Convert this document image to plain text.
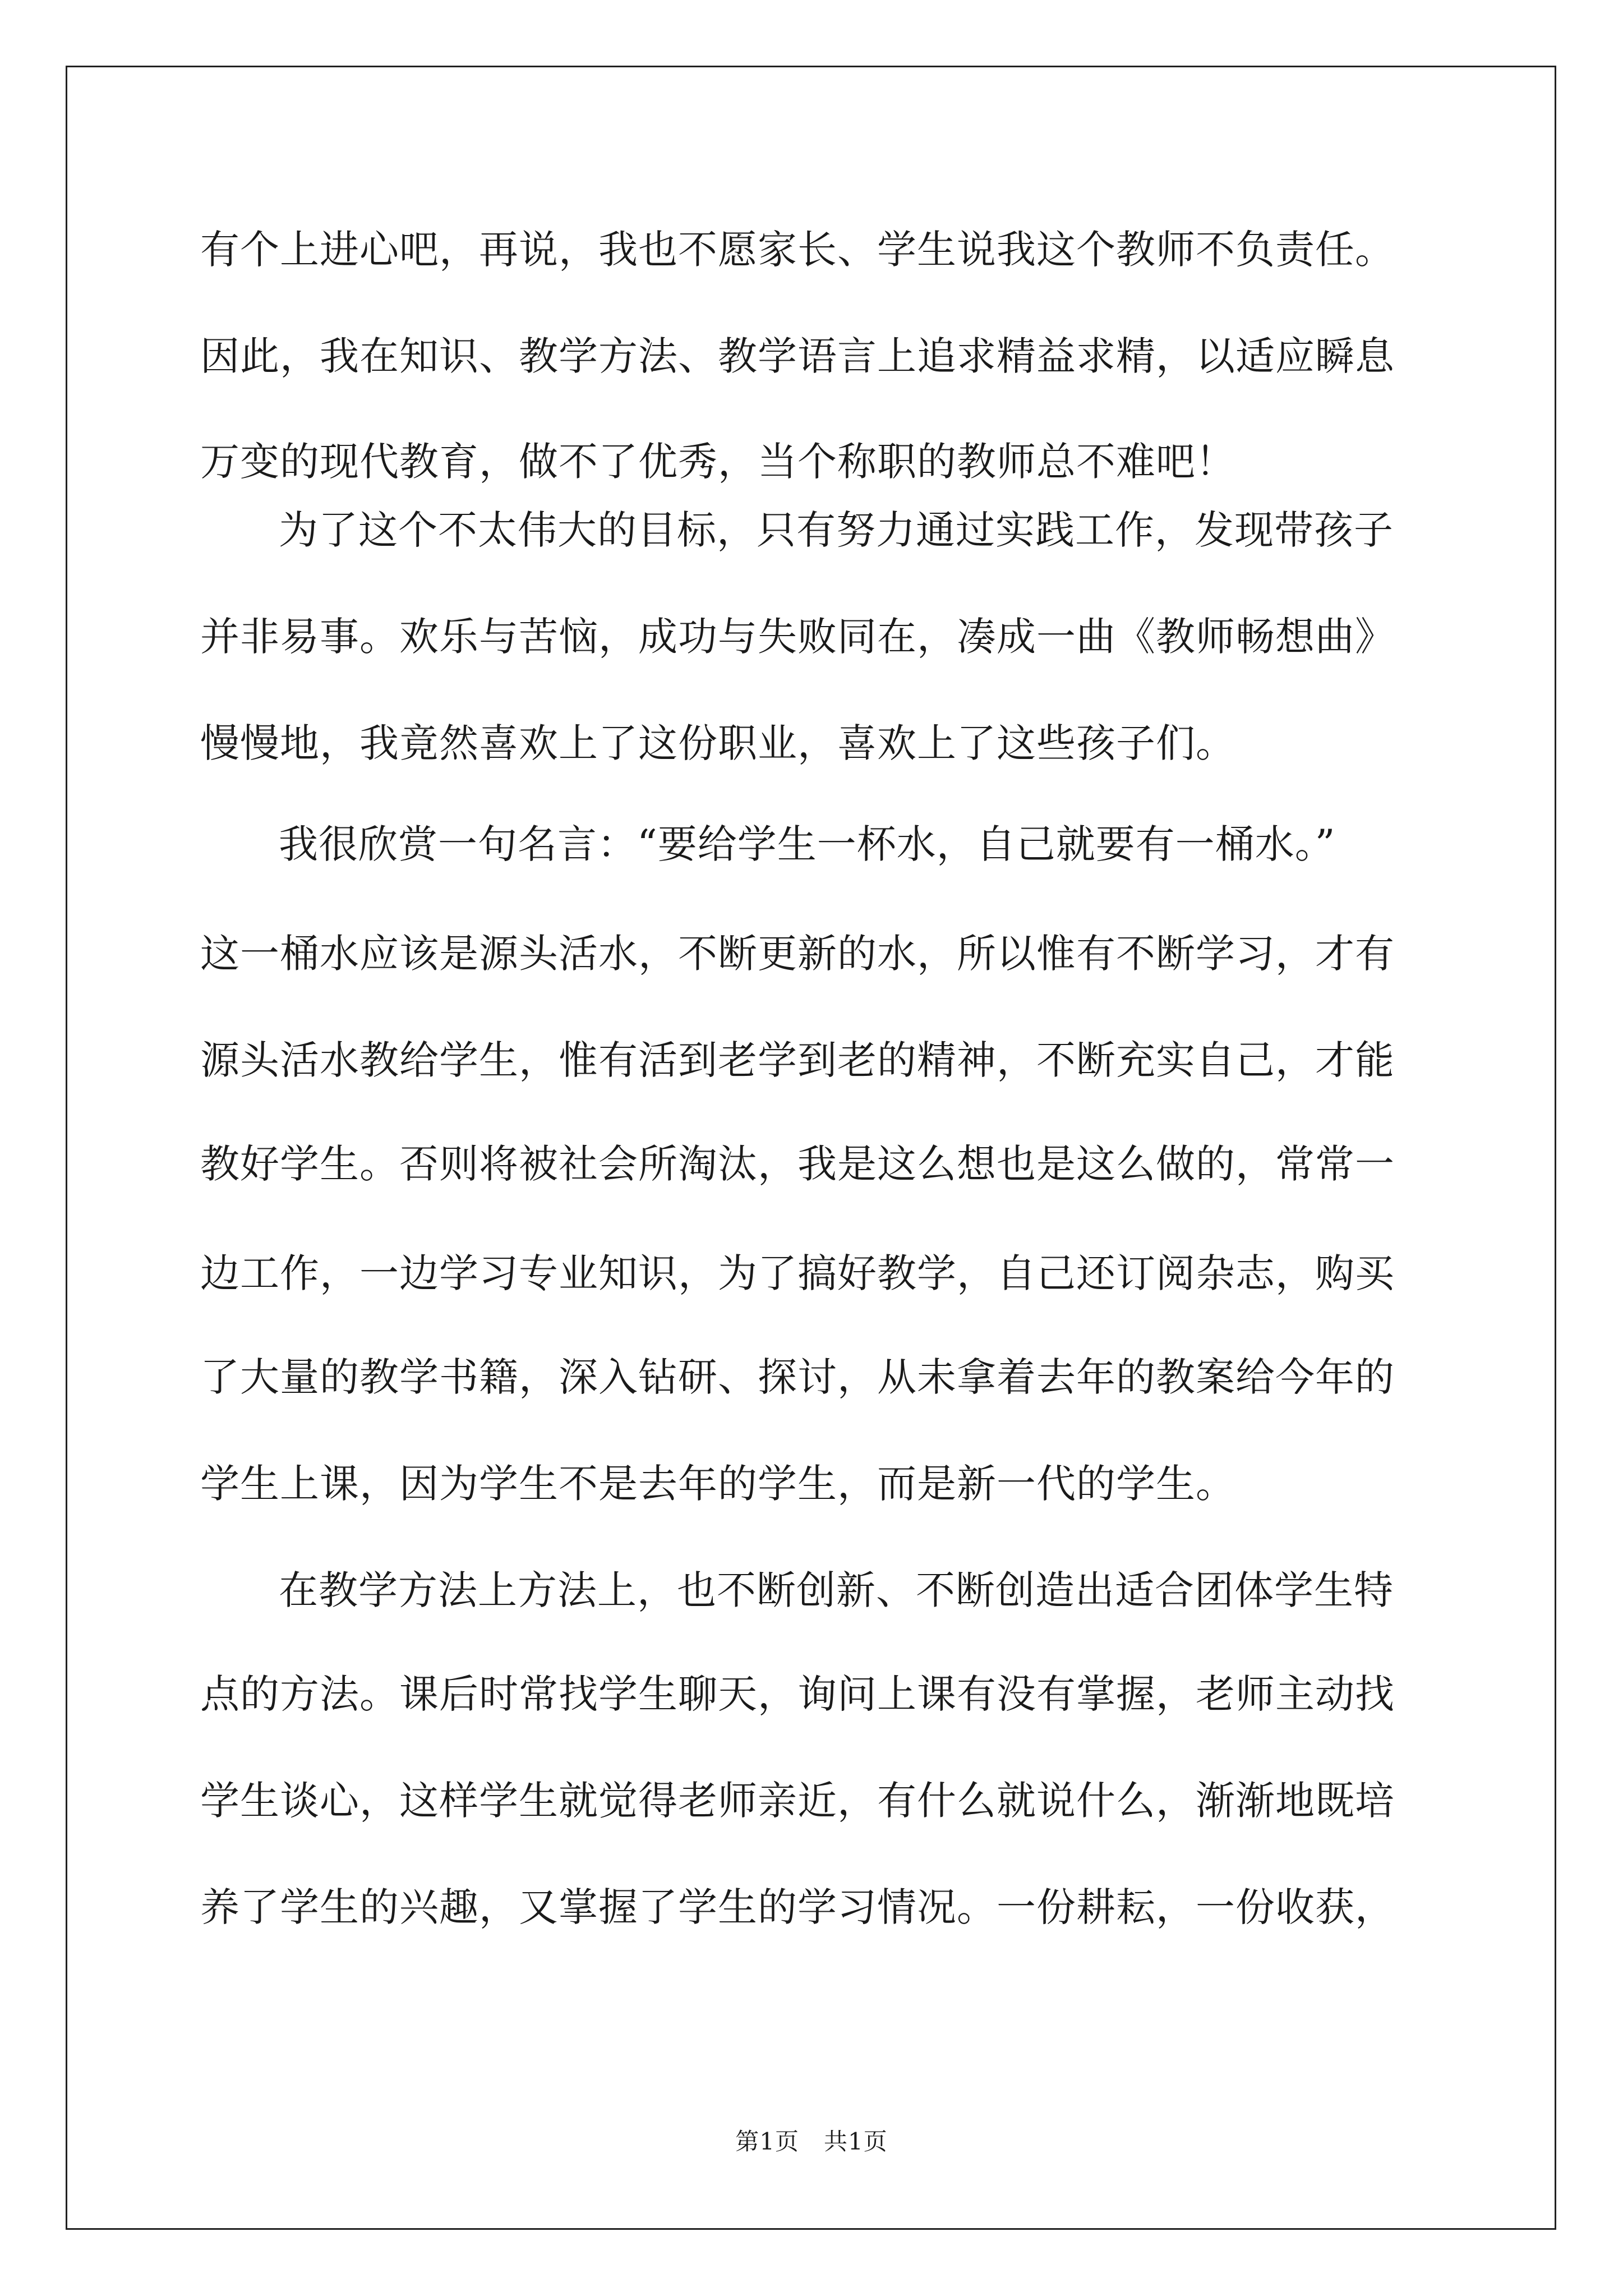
有个上进心吧，再说，我也不愿家长、学生说我这个教师不负责任。
因此，我在知识、教学方法、教学语言上追求精益求精，以适应瞬息
万变的现代教育，做不了优秀，当个称职的教师总不难吧！
为了这个不太伟大的目标，只有努力通过实践工作，发现带孩子
并非易事。欢乐与苦恼，成功与失败同在，凑成一曲《教师畅想曲》
慢慢地，我竟然喜欢上了这份职业，喜欢上了这些孩子们。
我很欣赏一句名言：“要给学生一杯水，自己就要有一桶水。”
这一桶水应该是源头活水，不断更新的水，所以惟有不断学习，才有
源头活水教给学生，惟有活到老学到老的精神，不断充实自己，才能
教好学生。否则将被社会所淘汰，我是这么想也是这么做的，常常一
边工作，一边学习专业知识，为了搞好教学，自己还订阅杂志，购买
了大量的教学书籍，深入钻研、探讨，从未拿着去年的教案给今年的
学生上课，因为学生不是去年的学生，而是新一代的学生。
在教学方法上方法上，也不断创新、不断创造出适合团体学生特
点的方法。课后时常找学生聊天，询问上课有没有掌握，老师主动找
学生谈心，这样学生就觉得老师亲近，有什么就说什么，渐渐地既培
养了学生的兴趣，又掌握了学生的学习情况。一份耕耘，一份收获，
第1页 共1页
